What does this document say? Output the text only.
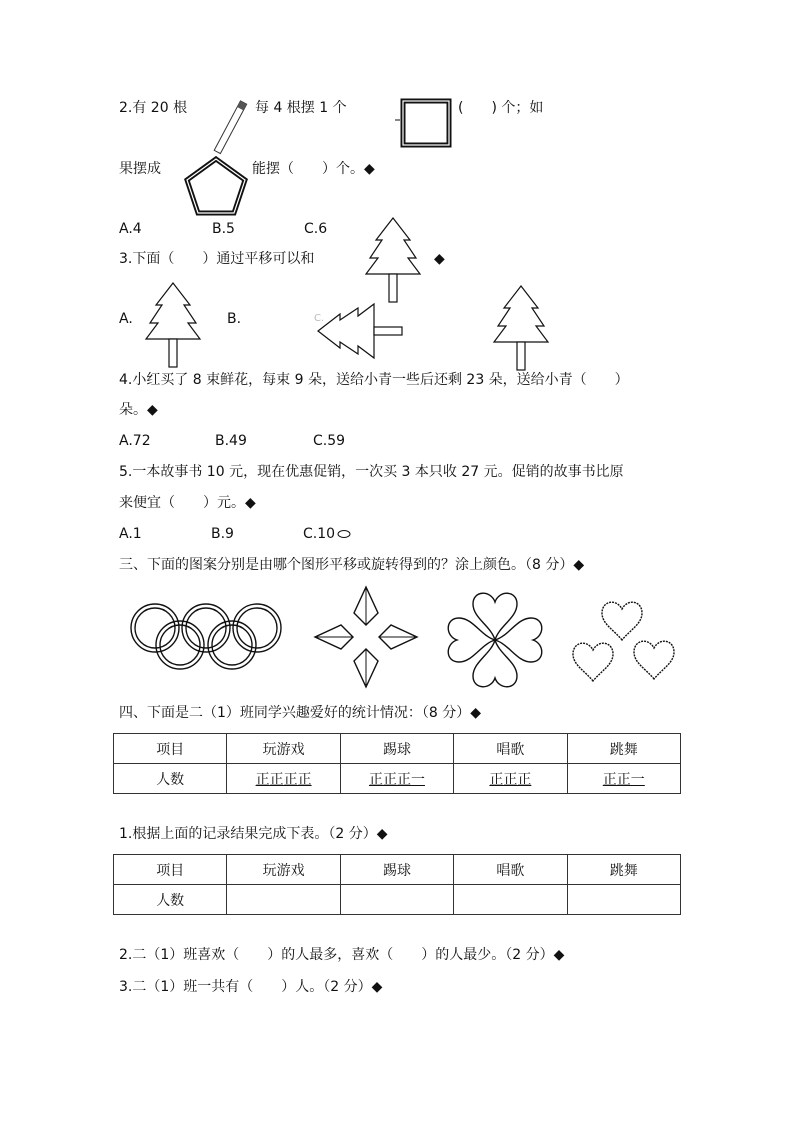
2.有 20 根	每 4 根摆 1 个	(　　) 个；如
果摆成	能摆（　　）个。◆
A.4	B.5	C.6
3.下面（　　）通过平移可以和	◆
A.	B.	C.
4.小红买了 8 束鲜花，每束 9 朵，送给小青一些后还剩 23 朵，送给小青（　　）
朵。◆
A.72	B.49	C.59
5.一本故事书 10 元，现在优惠促销，一次买 3 本只收 27 元。促销的故事书比原
来便宜（　　）元。◆
A.1	B.9	C.10
三、下面的图案分别是由哪个图形平移或旋转得到的？涂上颜色。（8 分）◆
四、下面是二（1）班同学兴趣爱好的统计情况：（8 分）◆
项目	玩游戏	踢球	唱歌	跳舞
人数	正正正正	正正正一	正正正	正正一
1.根据上面的记录结果完成下表。（2 分）◆
项目	玩游戏	踢球	唱歌	跳舞
人数				
2.二（1）班喜欢（　　）的人最多，喜欢（　　）的人最少。（2 分）◆
3.二（1）班一共有（　　）人。（2 分）◆
